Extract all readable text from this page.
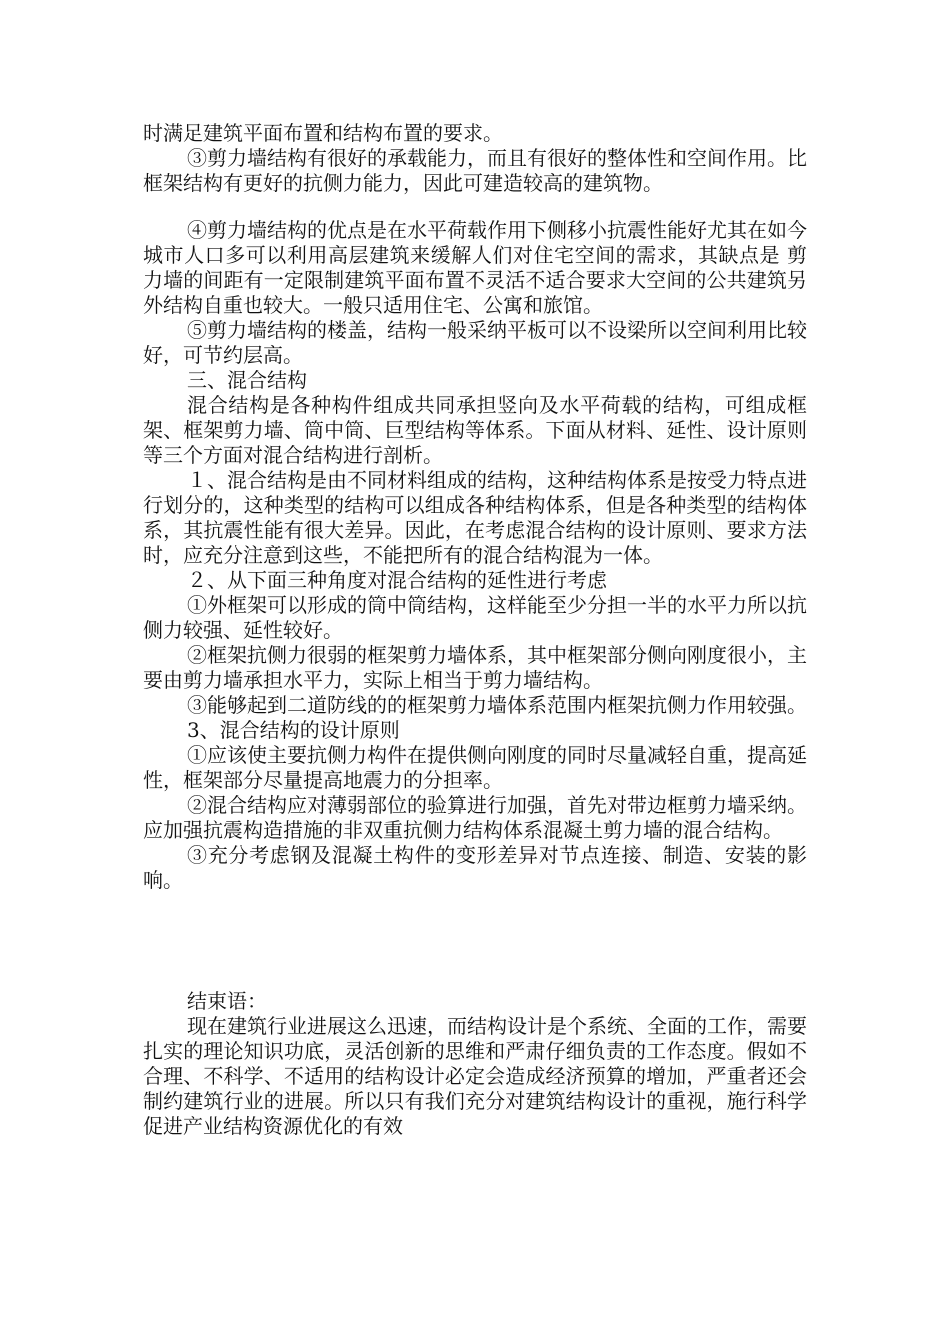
时满足建筑平面布置和结构布置的要求。

③剪力墙结构有很好的承载能力，而且有很好的整体性和空间作用。比框架结构有更好的抗侧力能力，因此可建造较高的建筑物。

④剪力墙结构的优点是在水平荷载作用下侧移小抗震性能好尤其在如今城市人口多可以利用高层建筑来缓解人们对住宅空间的需求，其缺点是 剪力墙的间距有一定限制建筑平面布置不灵活不适合要求大空间的公共建筑另外结构自重也较大。一般只适用住宅、公寓和旅馆。

⑤剪力墙结构的楼盖，结构一般采纳平板可以不设梁所以空间利用比较好，可节约层高。

三、混合结构

混合结构是各种构件组成共同承担竖向及水平荷载的结构，可组成框架、框架剪力墙、筒中筒、巨型结构等体系。下面从材料、延性、设计原则等三个方面对混合结构进行剖析。

１、混合结构是由不同材料组成的结构，这种结构体系是按受力特点进行划分的，这种类型的结构可以组成各种结构体系，但是各种类型的结构体系，其抗震性能有很大差异。因此，在考虑混合结构的设计原则、要求方法时，应充分注意到这些，不能把所有的混合结构混为一体。

２、从下面三种角度对混合结构的延性进行考虑

①外框架可以形成的筒中筒结构，这样能至少分担一半的水平力所以抗侧力较强、延性较好。

②框架抗侧力很弱的框架剪力墙体系，其中框架部分侧向刚度很小，主要由剪力墙承担水平力，实际上相当于剪力墙结构。

③能够起到二道防线的的框架剪力墙体系范围内框架抗侧力作用较强。

3、混合结构的设计原则

①应该使主要抗侧力构件在提供侧向刚度的同时尽量减轻自重，提高延性，框架部分尽量提高地震力的分担率。

②混合结构应对薄弱部位的验算进行加强，首先对带边框剪力墙采纳。应加强抗震构造措施的非双重抗侧力结构体系混凝土剪力墙的混合结构。

③充分考虑钢及混凝土构件的变形差异对节点连接、制造、安装的影响。

结束语：

现在建筑行业进展这么迅速，而结构设计是个系统、全面的工作，需要扎实的理论知识功底，灵活创新的思维和严肃仔细负责的工作态度。假如不合理、不科学、不适用的结构设计必定会造成经济预算的增加，严重者还会制约建筑行业的进展。所以只有我们充分对建筑结构设计的重视，施行科学促进产业结构资源优化的有效
